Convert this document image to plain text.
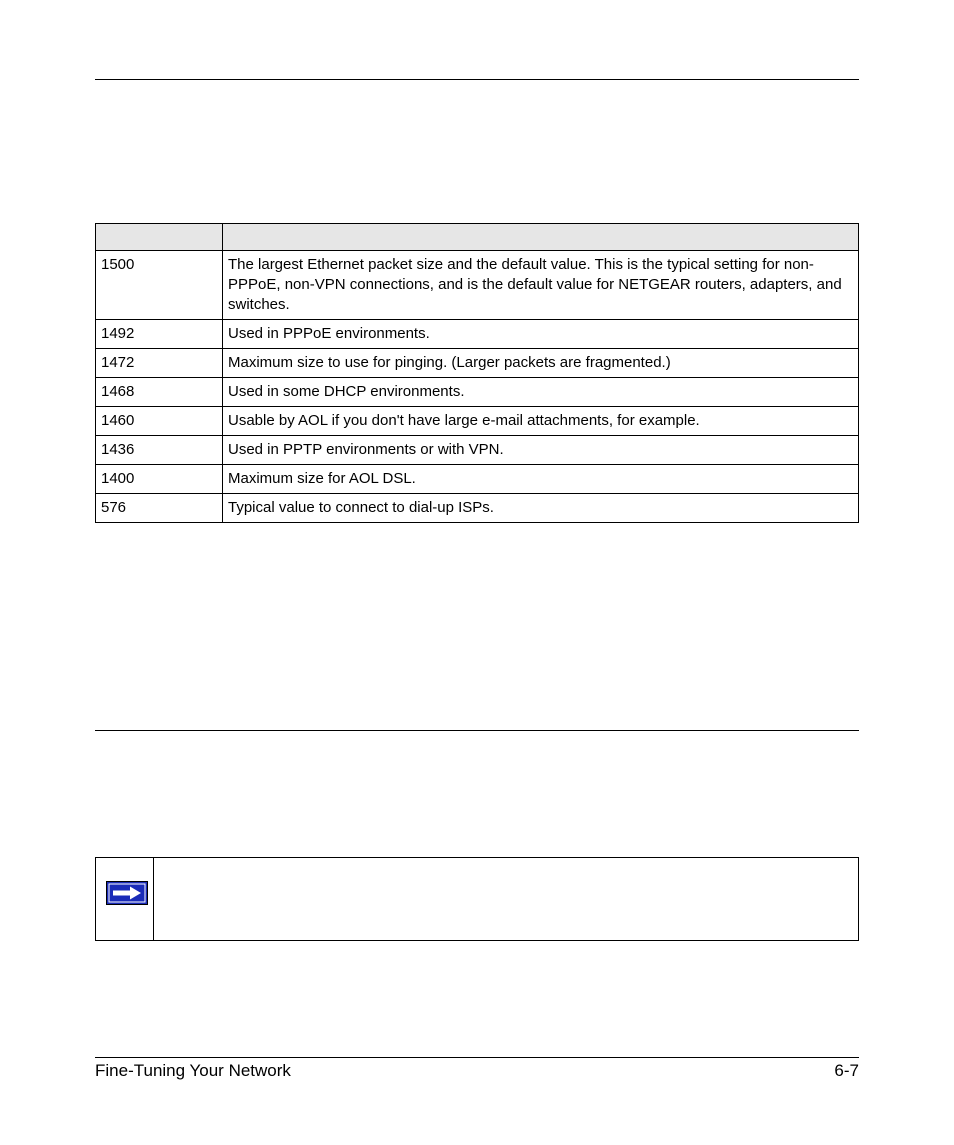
1500	The largest Ethernet packet size and the default value. This is the typical setting for non-PPPoE, non-VPN connections, and is the default value for NETGEAR routers, adapters, and switches.
1492	Used in PPPoE environments.
1472	Maximum size to use for pinging. (Larger packets are fragmented.)
1468	Used in some DHCP environments.
1460	Usable by AOL if you don't have large e-mail attachments, for example.
1436	Used in PPTP environments or with VPN.
1400	Maximum size for AOL DSL.
576	Typical value to connect to dial-up ISPs.
Fine-Tuning Your Network	6-7
